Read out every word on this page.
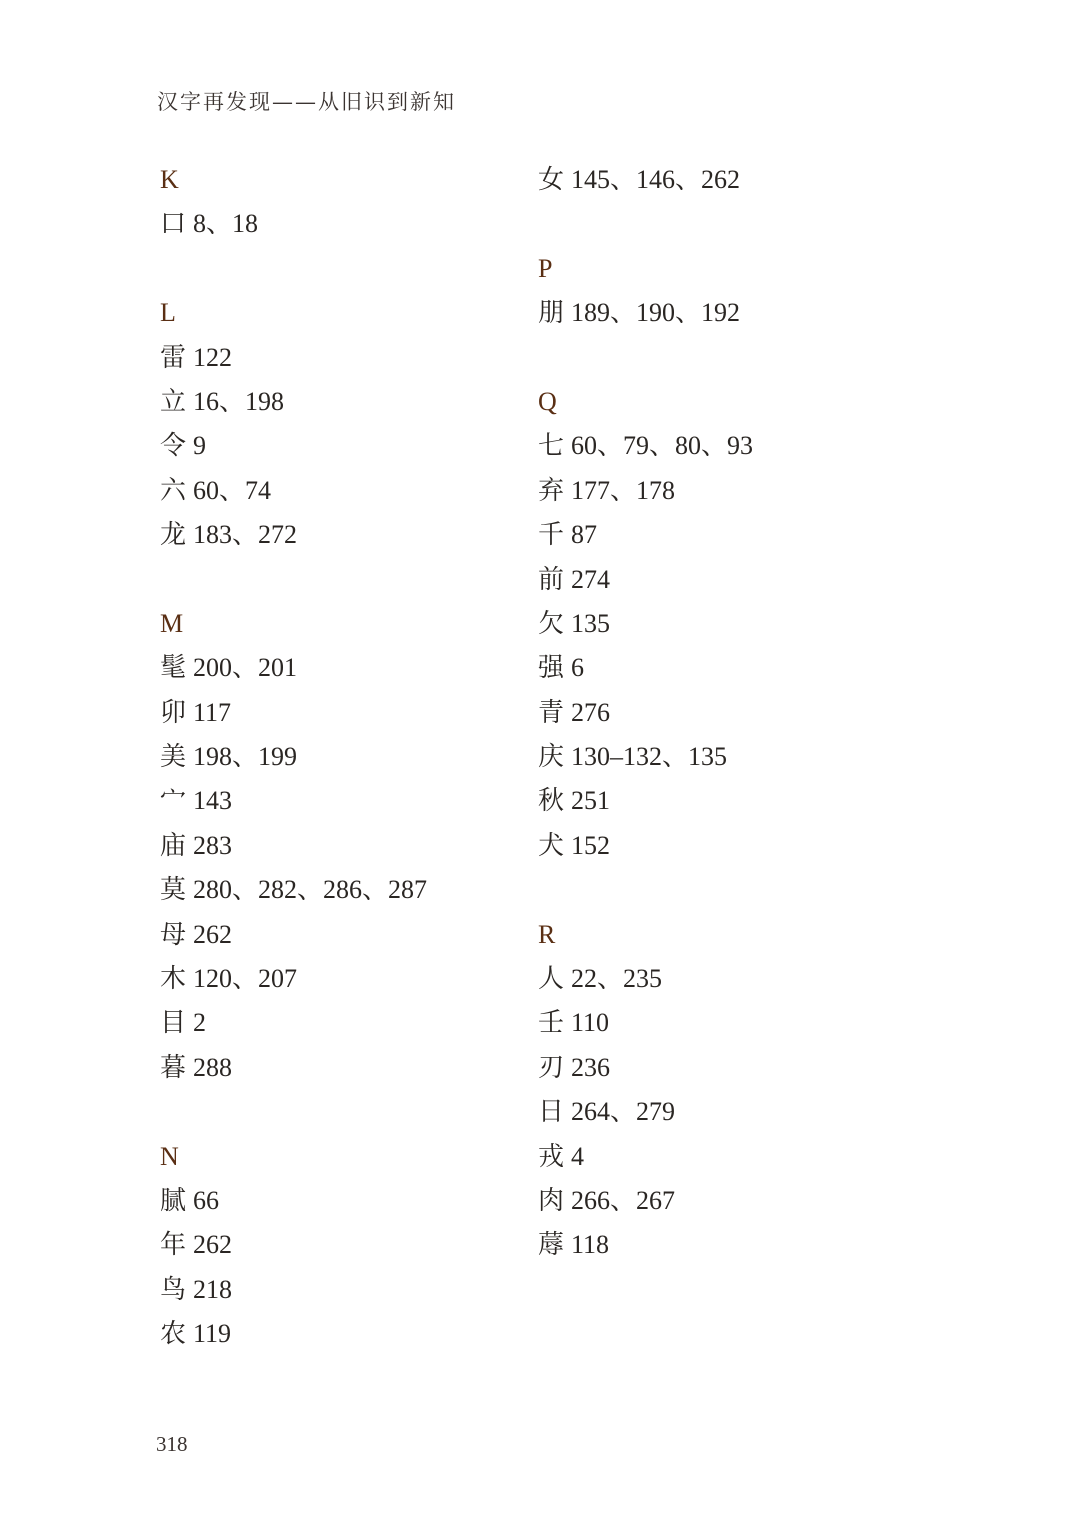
汉字再发现——从旧识到新知
K
口 8、18
L
雷 122
立 16、198
令 9
六 60、74
龙 183、272
M
髦 200、201
卯 117
美 198、199
宀 143
庙 283
莫 280、282、286、287
母 262
木 120、207
目 2
暮 288
N
腻 66
年 262
鸟 218
农 119
女 145、146、262
P
朋 189、190、192
Q
七 60、79、80、93
弃 177、178
千 87
前 274
欠 135
强 6
青 276
庆 130–132、135
秋 251
犬 152
R
人 22、235
壬 110
刃 236
日 264、279
戎 4
肉 266、267
蓐 118
318
